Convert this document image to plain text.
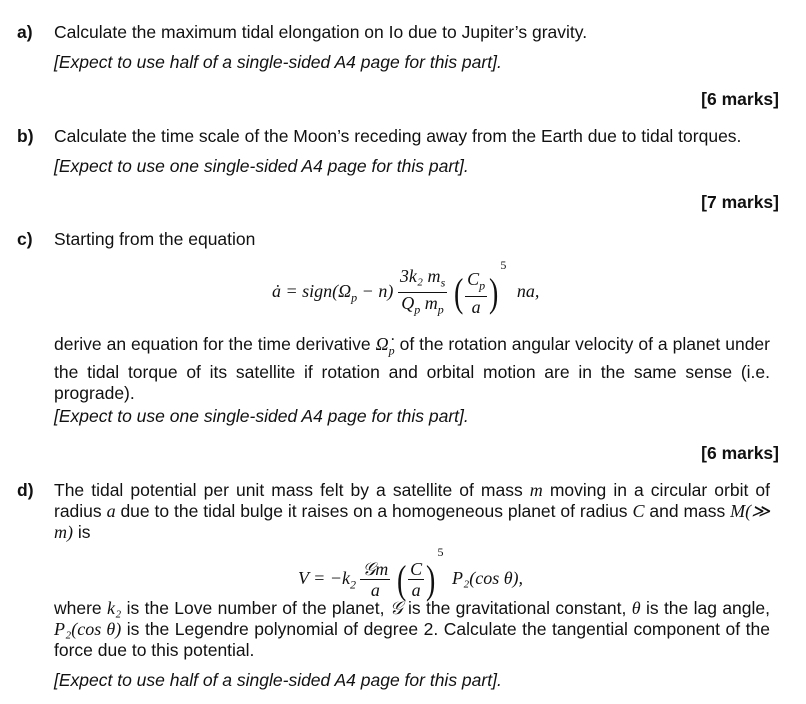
a) Calculate the maximum tidal elongation on Io due to Jupiter’s gravity.
[Expect to use half of a single-sided A4 page for this part].
[6 marks]
b) Calculate the time scale of the Moon’s receding away from the Earth due to tidal torques.
[Expect to use one single-sided A4 page for this part].
[7 marks]
c) Starting from the equation
ȧ = $sign(\Omega_p - n) \frac{3k_2 m_s}{Q_p m_p}$ ( $\frac{C_p}{a} )^5$ na,
derive an equation for the time derivative $\Omegȧ_p$ of the rotation angular velocity of a planet under the tidal torque of its satellite if rotation and orbital motion are in the same sense (i.e. prograde).
[Expect to use one single-sided A4 page for this part].
[6 marks]
d) The tidal potential per unit mass felt by a satellite of mass m moving in a circular orbit of radius a due to the tidal bulge it raises on a homogeneous planet of radius C and mass M(≫ m) is
$V = -k_2 \frac{\text{𝒢m}}{a}$ ( $\frac{C}{a} )^5$ P₂(cos θ),
where k₂ is the Love number of the planet, 𝒢 is the gravitational constant, θ is the lag angle, P₂(cos θ) is the Legendre polynomial of degree 2. Calculate the tangential component of the force due to this potential.
[Expect to use half of a single-sided A4 page for this part].
